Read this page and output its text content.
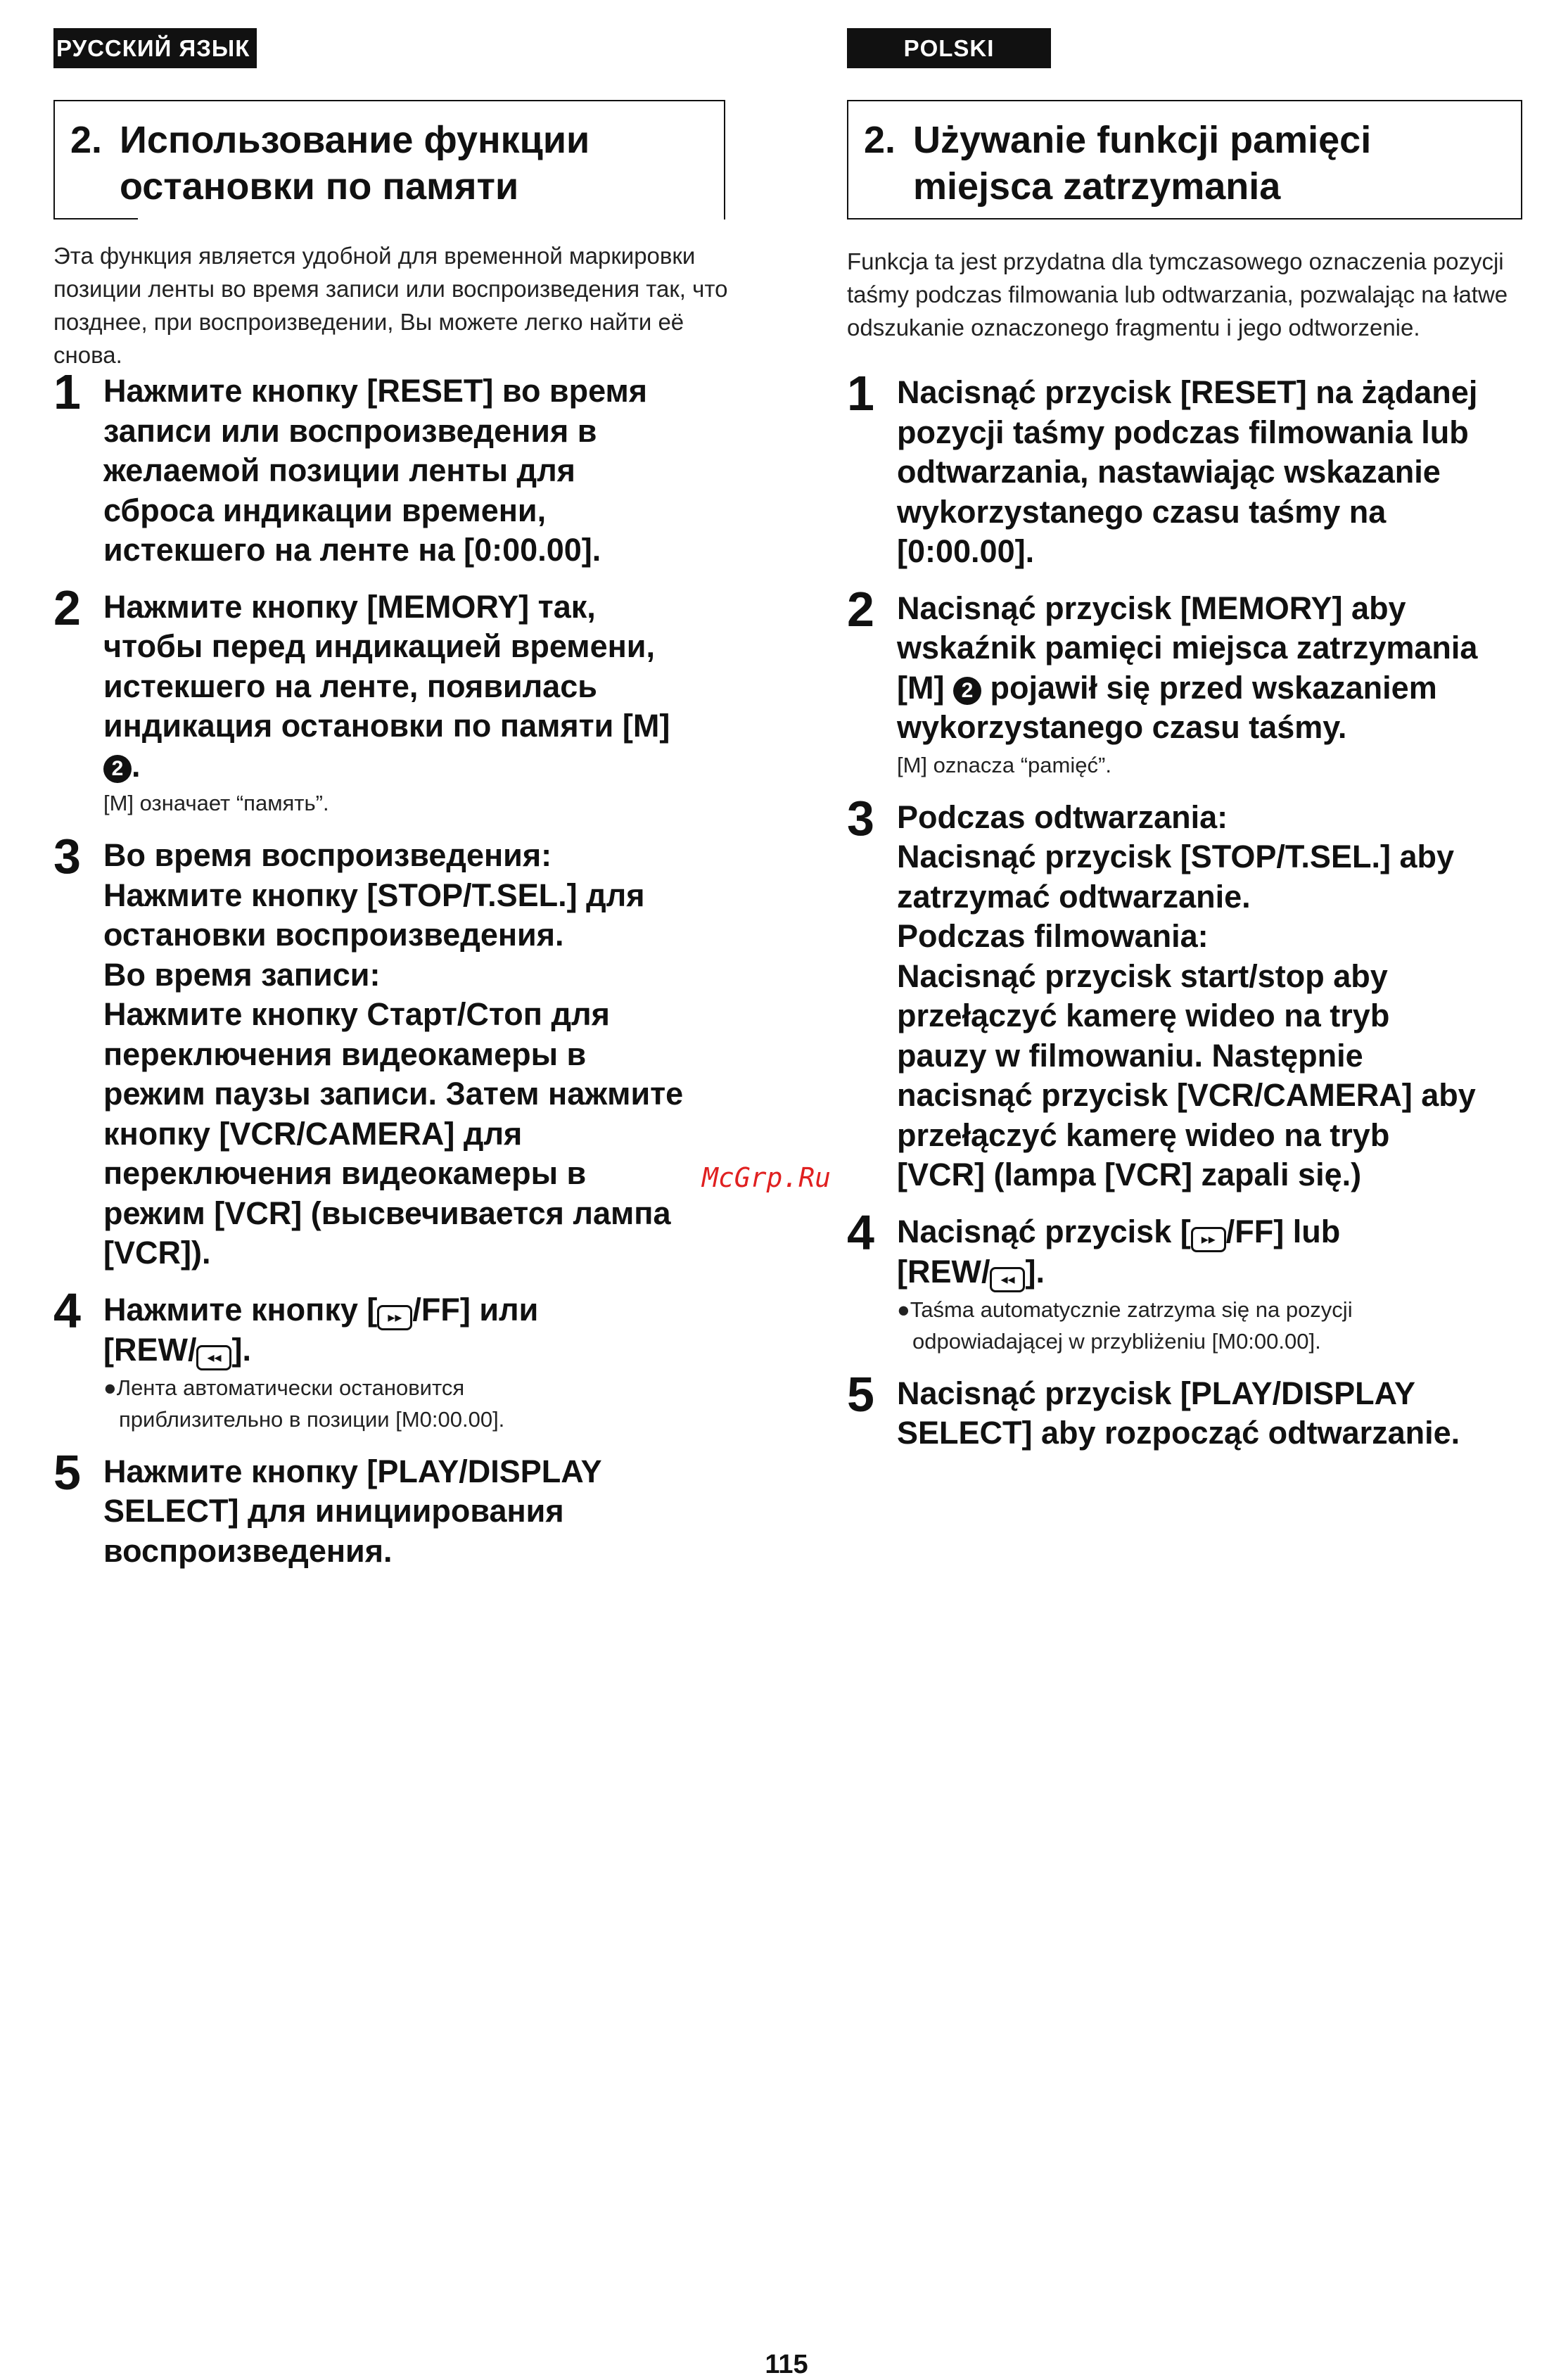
РУССКИЙ ЯЗЫК
2. Использование функции
остановки по памяти

Эта функция является удобной для временной маркировки позиции ленты во время записи или воспроизведения так, что позднее, при воспроизведении, Вы можете легко найти её снова.

1 Нажмите кнопку [RESET] во время
записи или воспроизведения в
желаемой позиции ленты для
сброса индикации времени,
истекшего на ленте на [0:00.00].

2 Нажмите кнопку [MEMORY] так,
чтобы перед индикацией времени,
истекшего на ленте, появилась
индикация остановки по памяти [M]
2 .

[M] означает “память”.

3 Во время воспроизведения:
Нажмите кнопку [STOP/T.SEL.] для
остановки воспроизведения.
Во время записи:
Нажмите кнопку Старт/Стоп для
переключения видеокамеры в
режим паузы записи. Затем нажмите
кнопку [VCR/CAMERA] для
переключения видеокамеры в
режим [VCR] (высвечивается лампа
[VCR]).

4 Нажмите кнопку [ ▸▸ /FF] или
[REW/ ◂◂ ].

●Лента автоматически остановится
приблизительно в позиции [M0:00.00].

5 Нажмите кнопку [PLAY/DISPLAY
SELECT] для инициирования
воспроизведения.

POLSKI
2. Używanie funkcji pamięci
miejsca zatrzymania

Funkcja ta jest przydatna dla tymczasowego oznaczenia pozycji taśmy podczas filmowania lub odtwarzania, pozwalając na łatwe odszukanie oznaczonego fragmentu i jego odtworzenie.

1 Nacisnąć przycisk [RESET] na żądanej
pozycji taśmy podczas filmowania lub
odtwarzania, nastawiając wskazanie
wykorzystanego czasu taśmy na
[0:00.00].

2 Nacisnąć przycisk [MEMORY] aby
wskaźnik pamięci miejsca zatrzymania
[M] 2 pojawił się przed wskazaniem
wykorzystanego czasu taśmy.

[M] oznacza “pamięć”.

3 Podczas odtwarzania:
Nacisnąć przycisk [STOP/T.SEL.] aby
zatrzymać odtwarzanie.
Podczas filmowania:
Nacisnąć przycisk start/stop aby
przełączyć kamerę wideo na tryb
pauzy w filmowaniu. Następnie
nacisnąć przycisk [VCR/CAMERA] aby
przełączyć kamerę wideo na tryb
[VCR] (lampa [VCR] zapali się.)

4 Nacisnąć przycisk [ ▸▸ /FF] lub
[REW/ ◂◂ ].

●Taśma automatycznie zatrzyma się na pozycji
odpowiadającej w przybliżeniu [M0:00.00].

5 Nacisnąć przycisk [PLAY/DISPLAY
SELECT] aby rozpocząć odtwarzanie.

McGrp.Ru
115
